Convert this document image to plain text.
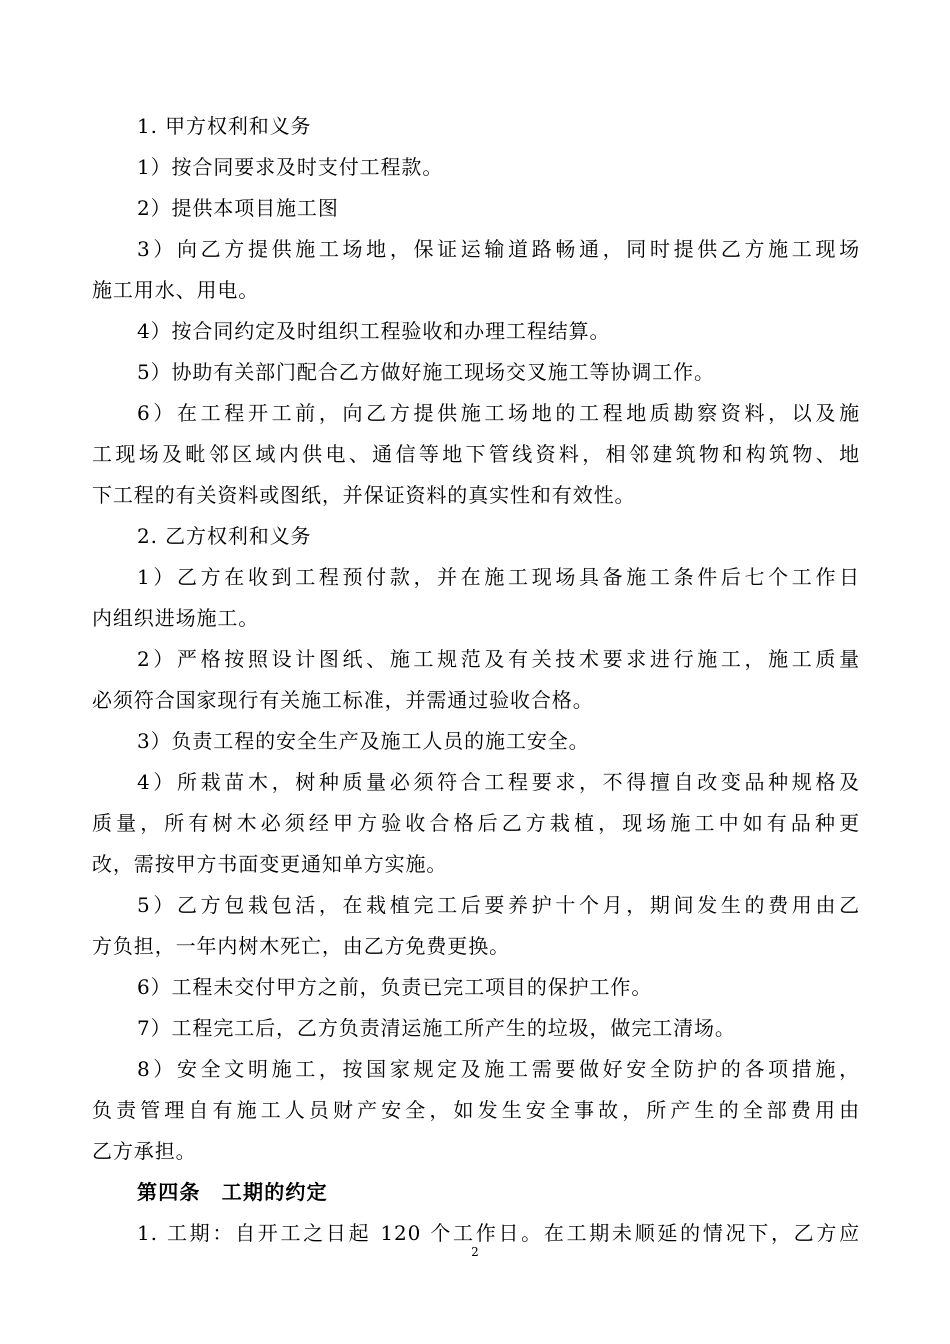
1. 甲方权利和义务
1）按合同要求及时支付工程款。
2）提供本项目施工图
3）向乙方提供施工场地，保证运输道路畅通，同时提供乙方施工现场
施工用水、用电。
4）按合同约定及时组织工程验收和办理工程结算。
5）协助有关部门配合乙方做好施工现场交叉施工等协调工作。
6）在工程开工前，向乙方提供施工场地的工程地质勘察资料，以及施
工现场及毗邻区域内供电、通信等地下管线资料，相邻建筑物和构筑物、地
下工程的有关资料或图纸，并保证资料的真实性和有效性。
2. 乙方权利和义务
1）乙方在收到工程预付款，并在施工现场具备施工条件后七个工作日
内组织进场施工。
2）严格按照设计图纸、施工规范及有关技术要求进行施工，施工质量
必须符合国家现行有关施工标准，并需通过验收合格。
3）负责工程的安全生产及施工人员的施工安全。
4）所栽苗木，树种质量必须符合工程要求，不得擅自改变品种规格及
质量，所有树木必须经甲方验收合格后乙方栽植，现场施工中如有品种更
改，需按甲方书面变更通知单方实施。
5）乙方包栽包活，在栽植完工后要养护十个月，期间发生的费用由乙
方负担，一年内树木死亡，由乙方免费更换。
6）工程未交付甲方之前，负责已完工项目的保护工作。
7）工程完工后，乙方负责清运施工所产生的垃圾，做完工清场。
8）安全文明施工，按国家规定及施工需要做好安全防护的各项措施，
负责管理自有施工人员财产安全，如发生安全事故，所产生的全部费用由
乙方承担。
第四条　工期的约定
1. 工期：自开工之日起 120 个工作日。在工期未顺延的情况下，乙方应
2
